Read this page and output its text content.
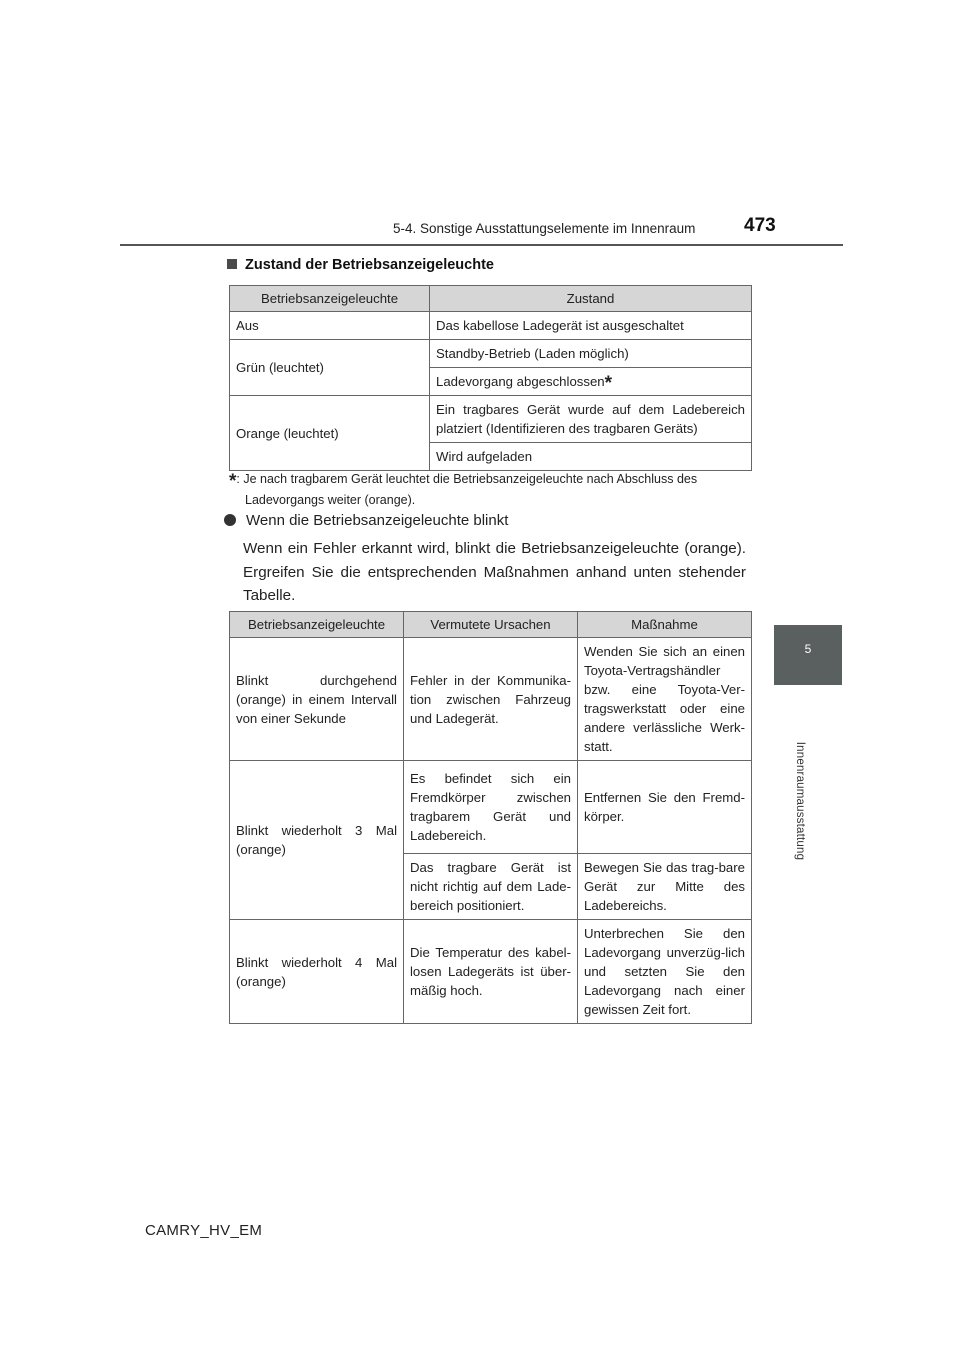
5-4. Sonstige Ausstattungselemente im Innenraum	473
5
Innenraumausstattung
Zustand der Betriebsanzeigeleuchte
Betriebsanzeigeleuchte	Zustand
Aus	Das kabellose Ladegerät ist ausgeschaltet
Grün (leuchtet)	Standby-Betrieb (Laden möglich)
	Ladevorgang abgeschlossen*
Orange (leuchtet)	Ein tragbares Gerät wurde auf dem Ladebereich platziert (Identifizieren des tragbaren Geräts)
	Wird aufgeladen
*: Je nach tragbarem Gerät leuchtet die Betriebsanzeigeleuchte nach Abschluss des
Ladevorgangs weiter (orange).
Wenn die Betriebsanzeigeleuchte blinkt
Wenn ein Fehler erkannt wird, blinkt die Betriebsanzeigeleuchte (orange). Ergreifen Sie die entsprechenden Maßnahmen anhand unten stehender Tabelle.
Betriebsanzeigeleuchte	Vermutete Ursachen	Maßnahme
Blinkt durchgehend (orange) in einem Intervall von einer Sekunde	Fehler in der Kommunika-tion zwischen Fahrzeug und Ladegerät.	Wenden Sie sich an einen Toyota-Vertragshändler bzw. eine Toyota-Ver-tragswerkstatt oder eine andere verlässliche Werk-statt.
Blinkt wiederholt 3 Mal (orange)	Es befindet sich ein Fremdkörper zwischen tragbarem Gerät und Ladebereich.	Entfernen Sie den Fremd-körper.
	Das tragbare Gerät ist nicht richtig auf dem Lade-bereich positioniert.	Bewegen Sie das trag-bare Gerät zur Mitte des Ladebereichs.
Blinkt wiederholt 4 Mal (orange)	Die Temperatur des kabel-losen Ladegeräts ist über-mäßig hoch.	Unterbrechen Sie den Ladevorgang unverzüg-lich und setzten Sie den Ladevorgang nach einer gewissen Zeit fort.
CAMRY_HV_EM
